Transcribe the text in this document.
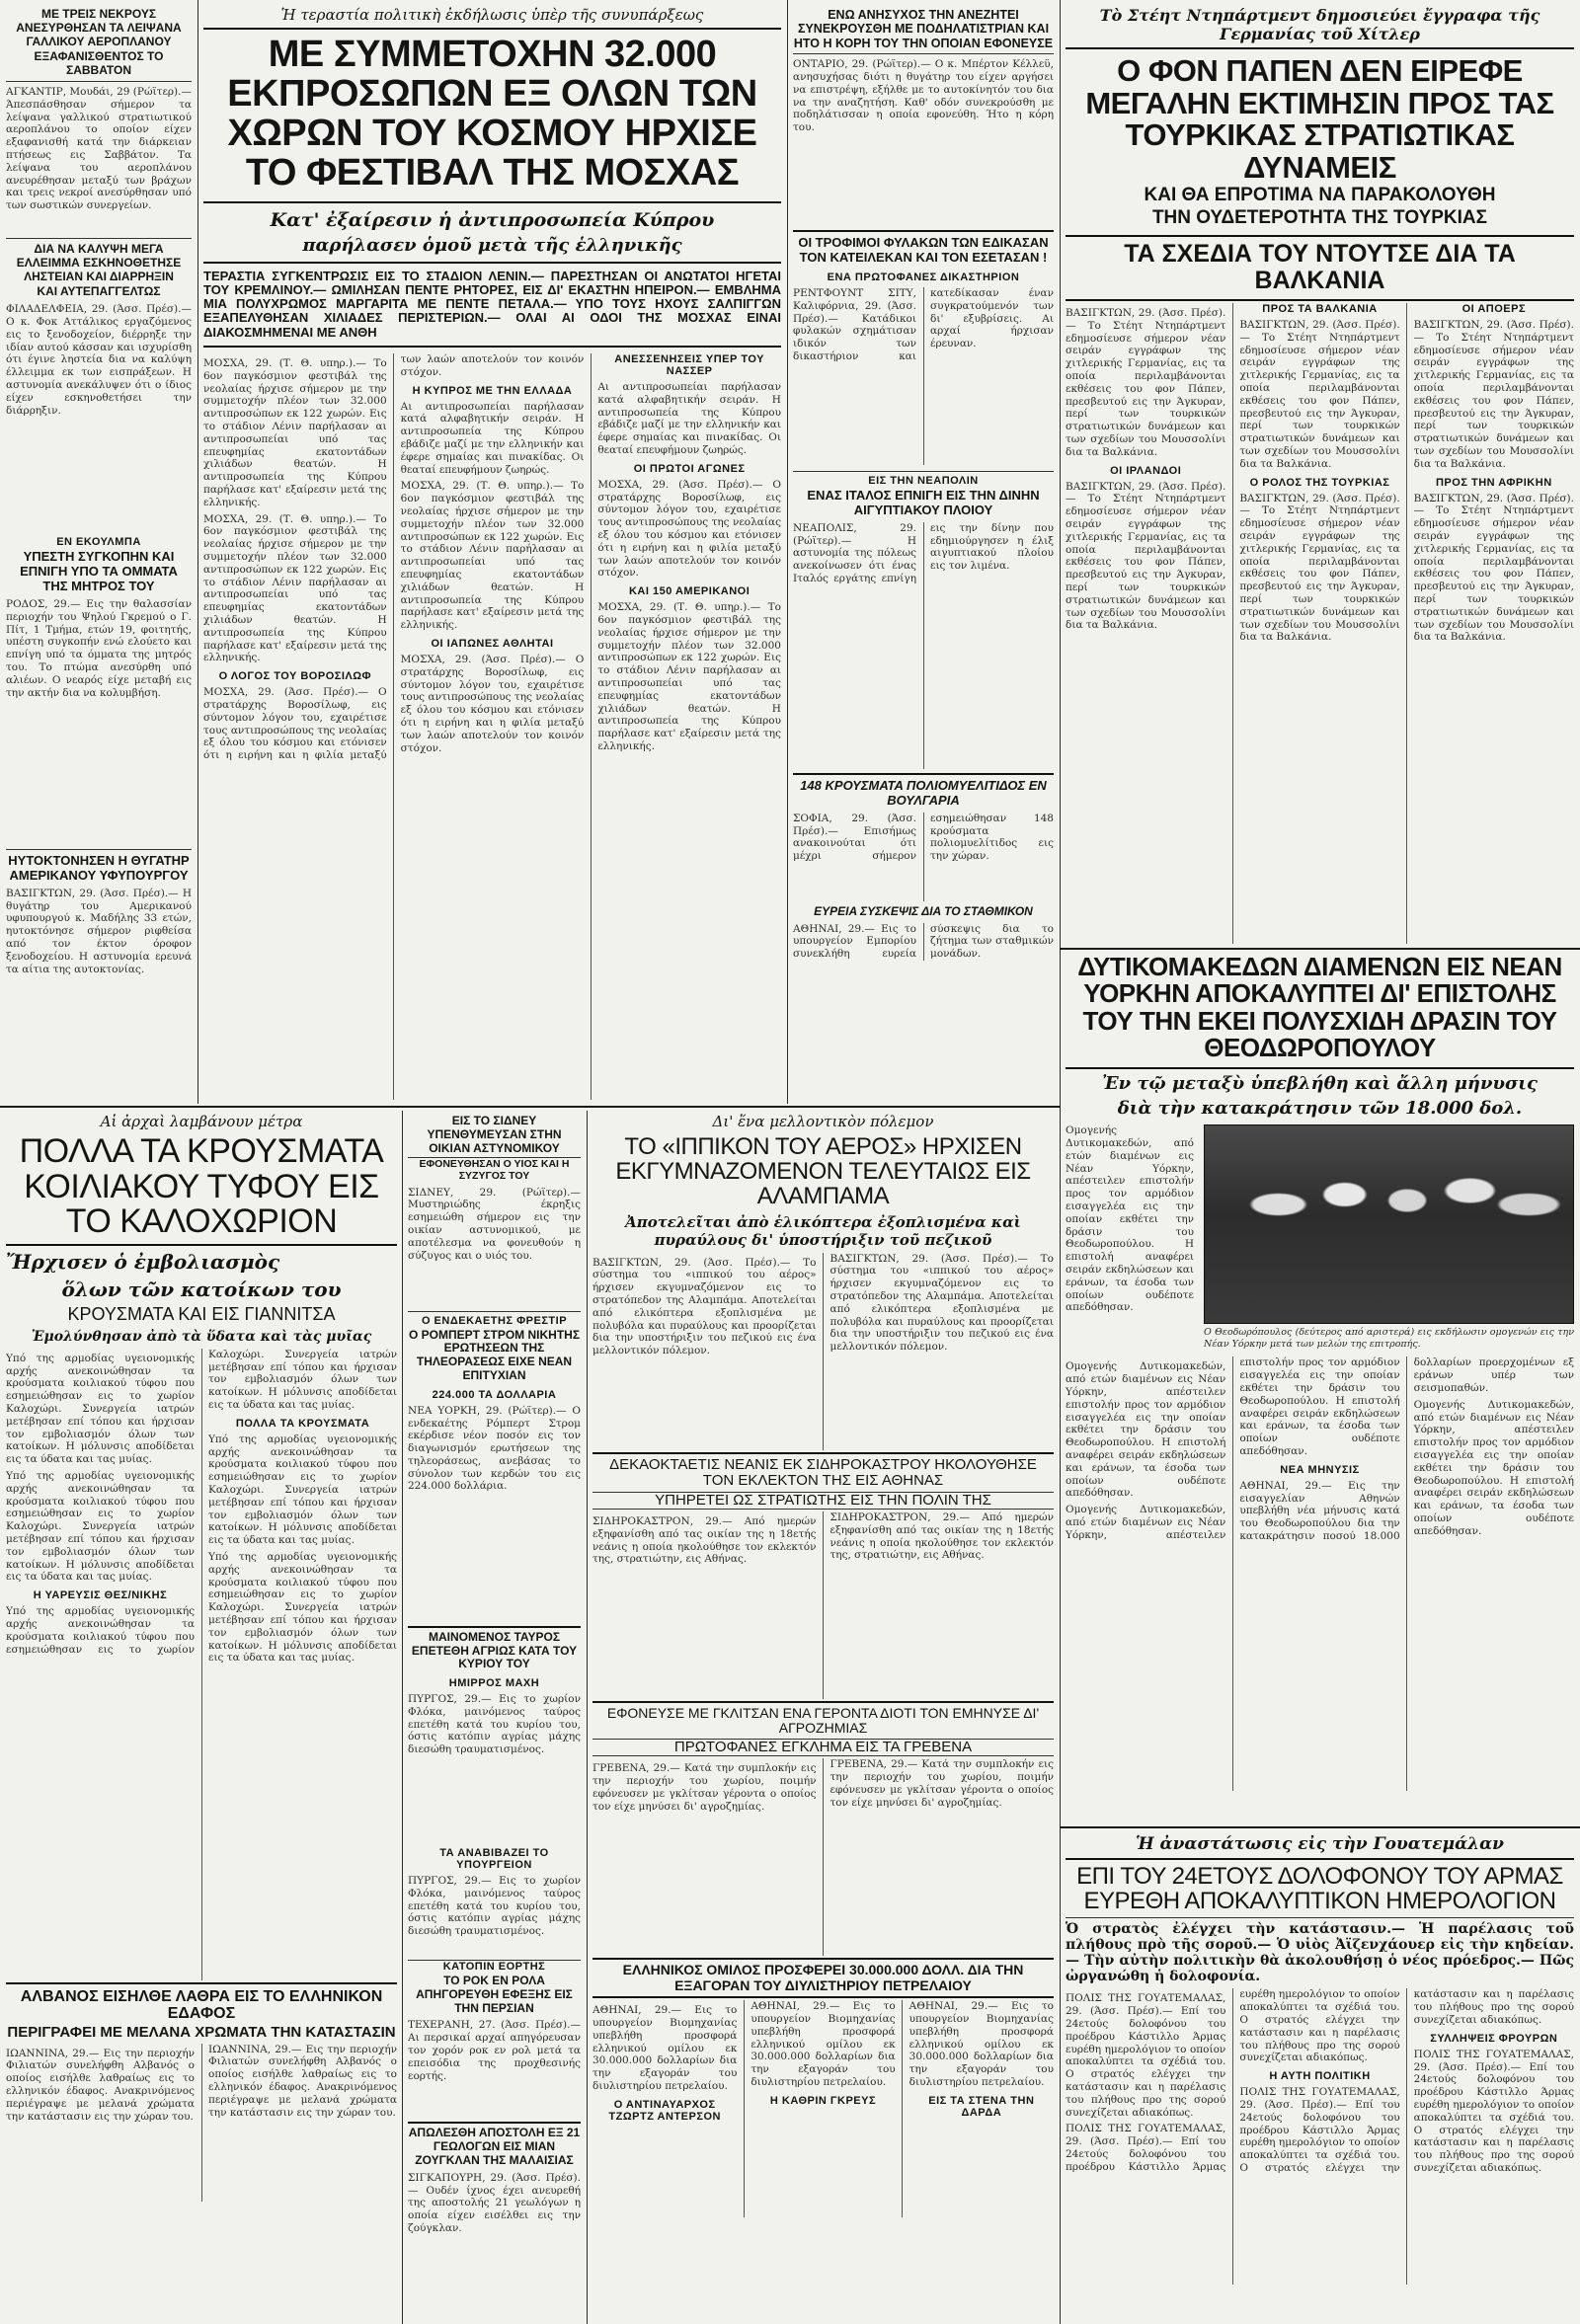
ΜΕ ΤΡΕΙΣ ΝΕΚΡΟΥΣ ΑΝΕΣΥΡΘΗΣΑΝ ΤΑ ΛΕΙΨΑΝΑ ΓΑΛΛΙΚΟΥ ΑΕΡΟΠΛΑΝΟΥ
ΕΞΑΦΑΝΙΣΘΕΝΤΟΣ ΤΟ ΣΑΒΒΑΤΟΝ

ΑΓΚΑΝΤΙΡ, Μουδάι, 29 (Ρώϊτερ).— Άπεσπάσθησαν σήμερον τα λείψανα γαλλικού στρατιωτικού αεροπλάνου το οποίον είχεν εξαφανισθή κατά την διάρκειαν πτήσεως εις Σαββάτον. Τα λείψανα του αεροπλάνου ανευρέθησαν μεταξύ των βράχων και τρεις νεκροί ανεσύρθησαν υπό των σωστικών συνεργείων.

ΔΙΑ ΝΑ ΚΑΛΥΨΗ ΜΕΓΑ ΕΛΛΕΙΜΜΑ ΕΣΚΗΝΟΘΕΤΗΣΕ ΛΗΣΤΕΙΑΝ ΚΑΙ ΔΙΑΡΡΗΞΙΝ
ΚΑΙ ΑΥΤΕΠΑΓΓΕΛΤΩΣ

ΦΙΛΑΔΕΛΦΕΙΑ, 29. (Άσσ. Πρέσ).— Ο κ. Φοκ Αττάλικος εργαζόμενος εις το ξενοδοχείον, διέρρηξε την ιδίαν αυτού κάσσαν και ισχυρίσθη ότι έγινε ληστεία δια να καλύψη έλλειμμα εκ των εισπράξεων. Η αστυνομία ανεκάλυψεν ότι ο ίδιος είχεν εσκηνοθετήσει την διάρρηξιν.

ΕΝ ΕΚΟΥΛΜΠΑ
ΥΠΕΣΤΗ ΣΥΓΚΟΠΗΝ ΚΑΙ ΕΠΝΙΓΗ ΥΠΟ ΤΑ ΟΜΜΑΤΑ ΤΗΣ ΜΗΤΡΟΣ ΤΟΥ

ΡΟΔΟΣ, 29.— Εις την θαλασσίαν περιοχήν του Ψηλού Γκρεμού ο Γ. Πίτ, 1 Τμήμα, ετών 19, φοιτητής, υπέστη συγκοπήν ενώ ελούετο και επνίγη υπό τα όμματα της μητρός του. Το πτώμα ανεσύρθη υπό αλιέων. Ο νεαρός είχε μεταβή εις την ακτήν δια να κολυμβήση.

ΗΥΤΟΚΤΟΝΗΣΕΝ Η ΘΥΓΑΤΗΡ ΑΜΕΡΙΚΑΝΟΥ ΥΦΥΠΟΥΡΓΟΥ

ΒΑΣΙΓΚΤΩΝ, 29. (Άσσ. Πρέσ).— Η θυγάτηρ του Αμερικανού υφυπουργού κ. Μαδήλης 33 ετών, ηυτοκτόνησε σήμερον ριφθείσα από τον έκτον όροφον ξενοδοχείου. Η αστυνομία ερευνά τα αίτια της αυτοκτονίας.

Ἡ τεραστία πολιτικὴ ἐκδήλωσις ὑπὲρ τῆς συνυπάρξεως
ΜΕ ΣΥΜΜΕΤΟΧΗΝ 32.000 ΕΚΠΡΟΣΩΠΩΝ ΕΞ ΟΛΩΝ ΤΩΝ ΧΩΡΩΝ ΤΟΥ ΚΟΣΜΟΥ ΗΡΧΙΣΕ ΤΟ ΦΕΣΤΙΒΑΛ ΤΗΣ ΜΟΣΧΑΣ
Κατ' ἐξαίρεσιν ἡ ἀντιπροσωπεία Κύπρου
παρήλασεν ὁμοῦ μετὰ τῆς ἑλληνικῆς
ΤΕΡΑΣΤΙΑ ΣΥΓΚΕΝΤΡΩΣΙΣ ΕΙΣ ΤΟ ΣΤΑΔΙΟΝ ΛΕΝΙΝ.— ΠΑΡΕΣΤΗΣΑΝ ΟΙ ΑΝΩΤΑΤΟΙ ΗΓΕΤΑΙ ΤΟΥ ΚΡΕΜΛΙΝΟΥ.— ΩΜΙΛΗΣΑΝ ΠΕΝΤΕ ΡΗΤΟΡΕΣ, ΕΙΣ ΔΙ' ΕΚΑΣΤΗΝ ΗΠΕΙΡΟΝ.— ΕΜΒΛΗΜΑ ΜΙΑ ΠΟΛΥΧΡΩΜΟΣ ΜΑΡΓΑΡΙΤΑ ΜΕ ΠΕΝΤΕ ΠΕΤΑΛΑ.— ΥΠΟ ΤΟΥΣ ΗΧΟΥΣ ΣΑΛΠΙΓΓΩΝ ΕΞΑΠΕΛΥΘΗΣΑΝ ΧΙΛΙΑΔΕΣ ΠΕΡΙΣΤΕΡΙΩΝ.— ΟΛΑΙ ΑΙ ΟΔΟΙ ΤΗΣ ΜΟΣΧΑΣ ΕΙΝΑΙ ΔΙΑΚΟΣΜΗΜΕΝΑΙ ΜΕ ΑΝΘΗ

ΜΟΣΧΑ, 29. (Τ. Θ. υπηρ.).— Το 6ον παγκόσμιον φεστιβάλ της νεολαίας ήρχισε σήμερον με την συμμετοχήν πλέον των 32.000 αντιπροσώπων εκ 122 χωρών. Εις το στάδιον Λένιν παρήλασαν αι αντιπροσωπείαι υπό τας επευφημίας εκατοντάδων χιλιάδων θεατών. Η αντιπροσωπεία της Κύπρου παρήλασε κατ' εξαίρεσιν μετά της ελληνικής.

ΜΟΣΧΑ, 29. (Τ. Θ. υπηρ.).— Το 6ον παγκόσμιον φεστιβάλ της νεολαίας ήρχισε σήμερον με την συμμετοχήν πλέον των 32.000 αντιπροσώπων εκ 122 χωρών. Εις το στάδιον Λένιν παρήλασαν αι αντιπροσωπείαι υπό τας επευφημίας εκατοντάδων χιλιάδων θεατών. Η αντιπροσωπεία της Κύπρου παρήλασε κατ' εξαίρεσιν μετά της ελληνικής.

Ο ΛΟΓΟΣ ΤΟΥ ΒΟΡΟΣΙΛΩΦ

ΜΟΣΧΑ, 29. (Άσσ. Πρέσ).— Ο στρατάρχης Βοροσίλωφ, εις σύντομον λόγον του, εχαιρέτισε τους αντιπροσώπους της νεολαίας εξ όλου του κόσμου και ετόνισεν ότι η ειρήνη και η φιλία μεταξύ των λαών αποτελούν τον κοινόν στόχον.

Η ΚΥΠΡΟΣ ΜΕ ΤΗΝ ΕΛΛΑΔΑ

Αι αντιπροσωπείαι παρήλασαν κατά αλφαβητικήν σειράν. Η αντιπροσωπεία της Κύπρου εβάδιζε μαζί με την ελληνικήν και έφερε σημαίας και πινακίδας. Οι θεαταί επευφήμουν ζωηρώς.

ΜΟΣΧΑ, 29. (Τ. Θ. υπηρ.).— Το 6ον παγκόσμιον φεστιβάλ της νεολαίας ήρχισε σήμερον με την συμμετοχήν πλέον των 32.000 αντιπροσώπων εκ 122 χωρών. Εις το στάδιον Λένιν παρήλασαν αι αντιπροσωπείαι υπό τας επευφημίας εκατοντάδων χιλιάδων θεατών. Η αντιπροσωπεία της Κύπρου παρήλασε κατ' εξαίρεσιν μετά της ελληνικής.

ΟΙ ΙΑΠΩΝΕΣ ΑΘΛΗΤΑΙ

ΜΟΣΧΑ, 29. (Άσσ. Πρέσ).— Ο στρατάρχης Βοροσίλωφ, εις σύντομον λόγον του, εχαιρέτισε τους αντιπροσώπους της νεολαίας εξ όλου του κόσμου και ετόνισεν ότι η ειρήνη και η φιλία μεταξύ των λαών αποτελούν τον κοινόν στόχον.

ΑΝΕΣΣΕΝΗΣΕΙΣ ΥΠΕΡ ΤΟΥ ΝΑΣΣΕΡ

Αι αντιπροσωπείαι παρήλασαν κατά αλφαβητικήν σειράν. Η αντιπροσωπεία της Κύπρου εβάδιζε μαζί με την ελληνικήν και έφερε σημαίας και πινακίδας. Οι θεαταί επευφήμουν ζωηρώς.

ΟΙ ΠΡΩΤΟΙ ΑΓΩΝΕΣ

ΜΟΣΧΑ, 29. (Άσσ. Πρέσ).— Ο στρατάρχης Βοροσίλωφ, εις σύντομον λόγον του, εχαιρέτισε τους αντιπροσώπους της νεολαίας εξ όλου του κόσμου και ετόνισεν ότι η ειρήνη και η φιλία μεταξύ των λαών αποτελούν τον κοινόν στόχον.

ΚΑΙ 150 ΑΜΕΡΙΚΑΝΟΙ

ΜΟΣΧΑ, 29. (Τ. Θ. υπηρ.).— Το 6ον παγκόσμιον φεστιβάλ της νεολαίας ήρχισε σήμερον με την συμμετοχήν πλέον των 32.000 αντιπροσώπων εκ 122 χωρών. Εις το στάδιον Λένιν παρήλασαν αι αντιπροσωπείαι υπό τας επευφημίας εκατοντάδων χιλιάδων θεατών. Η αντιπροσωπεία της Κύπρου παρήλασε κατ' εξαίρεσιν μετά της ελληνικής.

ΕΝΩ ΑΝΗΣΥΧΟΣ ΤΗΝ ΑΝΕΖΗΤΕΙ ΣΥΝΕΚΡΟΥΣΘΗ ΜΕ ΠΟΔΗΛΑΤΙΣΤΡΙΑΝ ΚΑΙ ΗΤΟ Η ΚΟΡΗ ΤΟΥ ΤΗΝ ΟΠΟΙΑΝ ΕΦΟΝΕΥΣΕ

ΟΝΤΑΡΙΟ, 29. (Ρώϊτερ).— Ο κ. Μπέρτον Κέλλεϋ, ανησυχήσας διότι η θυγάτηρ του είχεν αργήσει να επιστρέψη, εξήλθε με το αυτοκίνητόν του δια να την αναζητήση. Καθ' οδόν συνεκρούσθη με ποδηλάτισσαν η οποία εφονεύθη. Ήτο η κόρη του.

ΟΙ ΤΡΟΦΙΜΟΙ ΦΥΛΑΚΩΝ ΤΩΝ ΕΔΙΚΑΣΑΝ ΤΟΝ ΚΑΤΕΙΛΕΚΑΝ ΚΑΙ ΤΟΝ ΕΣΕΤΑΣΑΝ !
ΕΝΑ ΠΡΩΤΟΦΑΝΕΣ ΔΙΚΑΣΤΗΡΙΟΝ

ΡΕΝΤΦΟΥΝΤ ΣΙΤΥ, Καλιφόρνια, 29. (Άσσ. Πρέσ).— Κατάδικοι φυλακών σχημάτισαν ιδικόν των δικαστήριον και κατεδίκασαν έναν συγκρατούμενόν των δι' εξυβρίσεις. Αι αρχαί ήρχισαν έρευναν.

ΕΙΣ ΤΗΝ ΝΕΑΠΟΛΙΝ
ΕΝΑΣ ΙΤΑΛΟΣ ΕΠΝΙΓΗ ΕΙΣ ΤΗΝ ΔΙΝΗΝ ΑΙΓΥΠΤΙΑΚΟΥ ΠΛΟΙΟΥ

ΝΕΑΠΟΛΙΣ, 29. (Ρώϊτερ).— Η αστυνομία της πόλεως ανεκοίνωσεν ότι ένας Ιταλός εργάτης επνίγη εις την δίνην που εδημιούργησεν η έλιξ αιγυπτιακού πλοίου εις τον λιμένα.

148 ΚΡΟΥΣΜΑΤΑ ΠΟΛΙΟΜΥΕΛΙΤΙΔΟΣ ΕΝ ΒΟΥΛΓΑΡΙΑ

ΣΟΦΙΑ, 29. (Άσσ. Πρέσ).— Επισήμως ανακοινούται ότι μέχρι σήμερον εσημειώθησαν 148 κρούσματα πολιομυελίτιδος εις την χώραν.

ΕΥΡΕΙΑ ΣΥΣΚΕΨΙΣ ΔΙΑ ΤΟ ΣΤΑΘΜΙΚΟΝ

ΑΘΗΝΑΙ, 29.— Εις το υπουργείον Εμπορίου συνεκλήθη ευρεία σύσκεψις δια το ζήτημα των σταθμικών μονάδων.

Τὸ Στέητ Ντηπάρτμεντ δημοσιεύει ἔγγραφα τῆς Γερμανίας τοῦ Χίτλερ
Ο ΦΟΝ ΠΑΠΕΝ ΔΕΝ ΕΙΡΕΦΕ ΜΕΓΑΛΗΝ ΕΚΤΙΜΗΣΙΝ ΠΡΟΣ ΤΑΣ ΤΟΥΡΚΙΚΑΣ ΣΤΡΑΤΙΩΤΙΚΑΣ ΔΥΝΑΜΕΙΣ
ΚΑΙ ΘΑ ΕΠΡΟΤΙΜΑ ΝΑ ΠΑΡΑΚΟΛΟΥΘΗ
ΤΗΝ ΟΥΔΕΤΕΡΟΤΗΤΑ ΤΗΣ ΤΟΥΡΚΙΑΣ
ΤΑ ΣΧΕΔΙΑ ΤΟΥ ΝΤΟΥΤΣΕ ΔΙΑ ΤΑ ΒΑΛΚΑΝΙΑ

ΒΑΣΙΓΚΤΩΝ, 29. (Άσσ. Πρέσ).— Το Στέητ Ντηπάρτμεντ εδημοσίευσε σήμερον νέαν σειράν εγγράφων της χιτλερικής Γερμανίας, εις τα οποία περιλαμβάνονται εκθέσεις του φον Πάπεν, πρεσβευτού εις την Άγκυραν, περί των τουρκικών στρατιωτικών δυνάμεων και των σχεδίων του Μουσσολίνι δια τα Βαλκάνια.

ΟΙ ΙΡΛΑΝΔΟΙ

ΒΑΣΙΓΚΤΩΝ, 29. (Άσσ. Πρέσ).— Το Στέητ Ντηπάρτμεντ εδημοσίευσε σήμερον νέαν σειράν εγγράφων της χιτλερικής Γερμανίας, εις τα οποία περιλαμβάνονται εκθέσεις του φον Πάπεν, πρεσβευτού εις την Άγκυραν, περί των τουρκικών στρατιωτικών δυνάμεων και των σχεδίων του Μουσσολίνι δια τα Βαλκάνια.

ΠΡΟΣ ΤΑ ΒΑΛΚΑΝΙΑ

ΒΑΣΙΓΚΤΩΝ, 29. (Άσσ. Πρέσ).— Το Στέητ Ντηπάρτμεντ εδημοσίευσε σήμερον νέαν σειράν εγγράφων της χιτλερικής Γερμανίας, εις τα οποία περιλαμβάνονται εκθέσεις του φον Πάπεν, πρεσβευτού εις την Άγκυραν, περί των τουρκικών στρατιωτικών δυνάμεων και των σχεδίων του Μουσσολίνι δια τα Βαλκάνια.

Ο ΡΟΛΟΣ ΤΗΣ ΤΟΥΡΚΙΑΣ

ΒΑΣΙΓΚΤΩΝ, 29. (Άσσ. Πρέσ).— Το Στέητ Ντηπάρτμεντ εδημοσίευσε σήμερον νέαν σειράν εγγράφων της χιτλερικής Γερμανίας, εις τα οποία περιλαμβάνονται εκθέσεις του φον Πάπεν, πρεσβευτού εις την Άγκυραν, περί των τουρκικών στρατιωτικών δυνάμεων και των σχεδίων του Μουσσολίνι δια τα Βαλκάνια.

ΟΙ ΑΠΟΕΡΣ

ΒΑΣΙΓΚΤΩΝ, 29. (Άσσ. Πρέσ).— Το Στέητ Ντηπάρτμεντ εδημοσίευσε σήμερον νέαν σειράν εγγράφων της χιτλερικής Γερμανίας, εις τα οποία περιλαμβάνονται εκθέσεις του φον Πάπεν, πρεσβευτού εις την Άγκυραν, περί των τουρκικών στρατιωτικών δυνάμεων και των σχεδίων του Μουσσολίνι δια τα Βαλκάνια.

ΠΡΟΣ ΤΗΝ ΑΦΡΙΚΗΝ

ΒΑΣΙΓΚΤΩΝ, 29. (Άσσ. Πρέσ).— Το Στέητ Ντηπάρτμεντ εδημοσίευσε σήμερον νέαν σειράν εγγράφων της χιτλερικής Γερμανίας, εις τα οποία περιλαμβάνονται εκθέσεις του φον Πάπεν, πρεσβευτού εις την Άγκυραν, περί των τουρκικών στρατιωτικών δυνάμεων και των σχεδίων του Μουσσολίνι δια τα Βαλκάνια.

ΔΥΤΙΚΟΜΑΚΕΔΩΝ ΔΙΑΜΕΝΩΝ ΕΙΣ ΝΕΑΝ ΥΟΡΚΗΝ ΑΠΟΚΑΛΥΠΤΕΙ ΔΙ' ΕΠΙΣΤΟΛΗΣ ΤΟΥ ΤΗΝ ΕΚΕΙ ΠΟΛΥΣΧΙΔΗ ΔΡΑΣΙΝ ΤΟΥ ΘΕΟΔΩΡΟΠΟΥΛΟΥ
Ἐν τῷ μεταξὺ ὑπεβλήθη καὶ ἄλλη μήνυσις
διὰ τὴν κατακράτησιν τῶν 18.000 δολ.

Ομογενής Δυτικομακεδών, από ετών διαμένων εις Νέαν Υόρκην, απέστειλεν επιστολήν προς τον αρμόδιον εισαγγελέα εις την οποίαν εκθέτει την δράσιν του Θεοδωροπούλου. Η επιστολή αναφέρει σειράν εκδηλώσεων και εράνων, τα έσοδα των οποίων ουδέποτε απεδόθησαν.

Ο Θεοδωρόπουλος (δεύτερος από αριστερά) εις εκδήλωσιν ομογενών εις την Νέαν Υόρκην μετά των μελών της επιτροπής.

Ομογενής Δυτικομακεδών, από ετών διαμένων εις Νέαν Υόρκην, απέστειλεν επιστολήν προς τον αρμόδιον εισαγγελέα εις την οποίαν εκθέτει την δράσιν του Θεοδωροπούλου. Η επιστολή αναφέρει σειράν εκδηλώσεων και εράνων, τα έσοδα των οποίων ουδέποτε απεδόθησαν.

Ομογενής Δυτικομακεδών, από ετών διαμένων εις Νέαν Υόρκην, απέστειλεν επιστολήν προς τον αρμόδιον εισαγγελέα εις την οποίαν εκθέτει την δράσιν του Θεοδωροπούλου. Η επιστολή αναφέρει σειράν εκδηλώσεων και εράνων, τα έσοδα των οποίων ουδέποτε απεδόθησαν.

ΝΕΑ ΜΗΝΥΣΙΣ

ΑΘΗΝΑΙ, 29.— Εις την εισαγγελίαν Αθηνών υπεβλήθη νέα μήνυσις κατά του Θεοδωροπούλου δια την κατακράτησιν ποσού 18.000 δολλαρίων προερχομένων εξ εράνων υπέρ των σεισμοπαθών.

Ομογενής Δυτικομακεδών, από ετών διαμένων εις Νέαν Υόρκην, απέστειλεν επιστολήν προς τον αρμόδιον εισαγγελέα εις την οποίαν εκθέτει την δράσιν του Θεοδωροπούλου. Η επιστολή αναφέρει σειράν εκδηλώσεων και εράνων, τα έσοδα των οποίων ουδέποτε απεδόθησαν.

Αἱ ἀρχαὶ λαμβάνουν μέτρα
ΠΟΛΛΑ ΤΑ ΚΡΟΥΣΜΑΤΑ ΚΟΙΛΙΑΚΟΥ ΤΥΦΟΥ ΕΙΣ ΤΟ ΚΑΛΟΧΩΡΙΟΝ
Ἤρχισεν ὁ ἐμβολιασμὸς
ὅλων τῶν κατοίκων του
ΚΡΟΥΣΜΑΤΑ ΚΑΙ ΕΙΣ ΓΙΑΝΝΙΤΣΑ
Ἐμολύνθησαν ἀπὸ τὰ ὕδατα καὶ τὰς μυῖας

Υπό της αρμοδίας υγειονομικής αρχής ανεκοινώθησαν τα κρούσματα κοιλιακού τύφου που εσημειώθησαν εις το χωρίον Καλοχώρι. Συνεργεία ιατρών μετέβησαν επί τόπου και ήρχισαν τον εμβολιασμόν όλων των κατοίκων. Η μόλυνσις αποδίδεται εις τα ύδατα και τας μυίας.

Υπό της αρμοδίας υγειονομικής αρχής ανεκοινώθησαν τα κρούσματα κοιλιακού τύφου που εσημειώθησαν εις το χωρίον Καλοχώρι. Συνεργεία ιατρών μετέβησαν επί τόπου και ήρχισαν τον εμβολιασμόν όλων των κατοίκων. Η μόλυνσις αποδίδεται εις τα ύδατα και τας μυίας.

Η ΥΑΡΕΥΣΙΣ ΘΕΣ/ΝΙΚΗΣ

Υπό της αρμοδίας υγειονομικής αρχής ανεκοινώθησαν τα κρούσματα κοιλιακού τύφου που εσημειώθησαν εις το χωρίον Καλοχώρι. Συνεργεία ιατρών μετέβησαν επί τόπου και ήρχισαν τον εμβολιασμόν όλων των κατοίκων. Η μόλυνσις αποδίδεται εις τα ύδατα και τας μυίας.

ΠΟΛΛΑ ΤΑ ΚΡΟΥΣΜΑΤΑ

Υπό της αρμοδίας υγειονομικής αρχής ανεκοινώθησαν τα κρούσματα κοιλιακού τύφου που εσημειώθησαν εις το χωρίον Καλοχώρι. Συνεργεία ιατρών μετέβησαν επί τόπου και ήρχισαν τον εμβολιασμόν όλων των κατοίκων. Η μόλυνσις αποδίδεται εις τα ύδατα και τας μυίας.

Υπό της αρμοδίας υγειονομικής αρχής ανεκοινώθησαν τα κρούσματα κοιλιακού τύφου που εσημειώθησαν εις το χωρίον Καλοχώρι. Συνεργεία ιατρών μετέβησαν επί τόπου και ήρχισαν τον εμβολιασμόν όλων των κατοίκων. Η μόλυνσις αποδίδεται εις τα ύδατα και τας μυίας.

ΑΛΒΑΝΟΣ ΕΙΣΗΛΘΕ ΛΑΘΡΑ ΕΙΣ ΤΟ ΕΛΛΗΝΙΚΟΝ ΕΔΑΦΟΣ
ΠΕΡΙΓΡΑΦΕΙ ΜΕ ΜΕΛΑΝΑ ΧΡΩΜΑΤΑ ΤΗΝ ΚΑΤΑΣΤΑΣΙΝ

ΙΩΑΝΝΙΝΑ, 29.— Εις την περιοχήν Φιλιατών συνελήφθη Αλβανός ο οποίος εισήλθε λαθραίως εις το ελληνικόν έδαφος. Ανακρινόμενος περιέγραψε με μελανά χρώματα την κατάστασιν εις την χώραν του.

ΙΩΑΝΝΙΝΑ, 29.— Εις την περιοχήν Φιλιατών συνελήφθη Αλβανός ο οποίος εισήλθε λαθραίως εις το ελληνικόν έδαφος. Ανακρινόμενος περιέγραψε με μελανά χρώματα την κατάστασιν εις την χώραν του.

ΕΙΣ ΤΟ ΣΙΔΝΕΥ ΥΠΕΝΘΥΜΕΥΣΑΝ ΣΤΗΝ ΟΙΚΙΑΝ ΑΣΤΥΝΟΜΙΚΟΥ
ΕΦΟΝΕΥΘΗΣΑΝ Ο ΥΙΟΣ ΚΑΙ Η ΣΥΖΥΓΟΣ ΤΟΥ

ΣΙΔΝΕΥ, 29. (Ρώϊτερ).— Μυστηριώδης έκρηξις εσημειώθη σήμερον εις την οικίαν αστυνομικού, με αποτέλεσμα να φονευθούν η σύζυγος και ο υιός του.

Ο ΕΝΔΕΚΑΕΤΗΣ ΦΡΕΣΤΙΡ
Ο ΡΟΜΠΕΡΤ ΣΤΡΟΜ ΝΙΚΗΤΗΣ ΕΡΩΤΗΣΕΩΝ ΤΗΣ ΤΗΛΕΟΡΑΣΕΩΣ ΕΙΧΕ ΝΕΑΝ ΕΠΙΤΥΧΙΑΝ
224.000 ΤΑ ΔΟΛΛΑΡΙΑ

ΝΕΑ ΥΟΡΚΗ, 29. (Ρώϊτερ).— Ο ενδεκαέτης Ρόμπερτ Στρομ εκέρδισε νέον ποσόν εις τον διαγωνισμόν ερωτήσεων της τηλεοράσεως, ανεβάσας το σύνολον των κερδών του εις 224.000 δολλάρια.

ΜΑΙΝΟΜΕΝΟΣ ΤΑΥΡΟΣ ΕΠΕΤΕΘΗ ΑΓΡΙΩΣ ΚΑΤΑ ΤΟΥ ΚΥΡΙΟΥ ΤΟΥ
ΗΜΙΡΡΟΣ ΜΑΧΗ

ΠΥΡΓΟΣ, 29.— Εις το χωρίον Φλόκα, μαινόμενος ταύρος επετέθη κατά του κυρίου του, όστις κατόπιν αγρίας μάχης διεσώθη τραυματισμένος.

ΤΑ ΑΝΑΒΙΒΑΖΕΙ ΤΟ ΥΠΟΥΡΓΕΙΟΝ

ΠΥΡΓΟΣ, 29.— Εις το χωρίον Φλόκα, μαινόμενος ταύρος επετέθη κατά του κυρίου του, όστις κατόπιν αγρίας μάχης διεσώθη τραυματισμένος.

ΚΑΤΟΠΙΝ ΕΟΡΤΗΣ
ΤΟ ΡΟΚ ΕΝ ΡΟΛΑ ΑΠΗΓΟΡΕΥΘΗ ΕΦΕΞΗΣ ΕΙΣ ΤΗΝ ΠΕΡΣΙΑΝ

ΤΕΧΕΡΑΝΗ, 27. (Άσσ. Πρέσ).— Αι περσικαί αρχαί απηγόρευσαν τον χορόν ροκ εν ρολ μετά τα επεισόδια της προχθεσινής εορτής.

ΑΠΩΛΕΣΘΗ ΑΠΟΣΤΟΛΗ ΕΞ 21 ΓΕΩΛΟΓΩΝ ΕΙΣ ΜΙΑΝ ΖΟΥΓΚΛΑΝ ΤΗΣ ΜΑΛΑΙΣΙΑΣ

ΣΙΓΚΑΠΟΥΡΗ, 29. (Άσσ. Πρέσ).— Ουδέν ίχνος έχει ανευρεθή της αποστολής 21 γεωλόγων η οποία είχεν εισέλθει εις την ζούγκλαν.

Δι' ἕνα μελλοντικὸν πόλεμον
ΤΟ «ΙΠΠΙΚΟΝ ΤΟΥ ΑΕΡΟΣ» ΗΡΧΙΣΕΝ ΕΚΓΥΜΝΑΖΟΜΕΝΟΝ ΤΕΛΕΥΤΑΙΩΣ ΕΙΣ ΑΛΑΜΠΑΜΑ
Ἀποτελεῖται ἀπὸ ἑλικόπτερα ἐξοπλισμένα καὶ πυραύλους δι' ὑποστήριξιν τοῦ πεζικοῦ

ΒΑΣΙΓΚΤΩΝ, 29. (Άσσ. Πρέσ).— Το σύστημα του «ιππικού του αέρος» ήρχισεν εκγυμναζόμενον εις το στρατόπεδον της Αλαμπάμα. Αποτελείται από ελικόπτερα εξοπλισμένα με πολυβόλα και πυραύλους και προορίζεται δια την υποστήριξιν του πεζικού εις ένα μελλοντικόν πόλεμον.

ΒΑΣΙΓΚΤΩΝ, 29. (Άσσ. Πρέσ).— Το σύστημα του «ιππικού του αέρος» ήρχισεν εκγυμναζόμενον εις το στρατόπεδον της Αλαμπάμα. Αποτελείται από ελικόπτερα εξοπλισμένα με πολυβόλα και πυραύλους και προορίζεται δια την υποστήριξιν του πεζικού εις ένα μελλοντικόν πόλεμον.

ΔΕΚΑΟΚΤΑΕΤΙΣ ΝΕΑΝΙΣ ΕΚ ΣΙΔΗΡΟΚΑΣΤΡΟΥ ΗΚΟΛΟΥΘΗΣΕ ΤΟΝ ΕΚΛΕΚΤΟΝ ΤΗΣ ΕΙΣ ΑΘΗΝΑΣ
ΥΠΗΡΕΤΕΙ ΩΣ ΣΤΡΑΤΙΩΤΗΣ ΕΙΣ ΤΗΝ ΠΟΛΙΝ ΤΗΣ

ΣΙΔΗΡΟΚΑΣΤΡΟΝ, 29.— Από ημερών εξηφανίσθη από τας οικίαν της η 18ετής νεάνις η οποία ηκολούθησε τον εκλεκτόν της, στρατιώτην, εις Αθήνας.

ΣΙΔΗΡΟΚΑΣΤΡΟΝ, 29.— Από ημερών εξηφανίσθη από τας οικίαν της η 18ετής νεάνις η οποία ηκολούθησε τον εκλεκτόν της, στρατιώτην, εις Αθήνας.

ΕΦΟΝΕΥΣΕ ΜΕ ΓΚΛΙΤΣΑΝ ΕΝΑ ΓΕΡΟΝΤΑ ΔΙΟΤΙ ΤΟΝ ΕΜΗΝΥΣΕ ΔΙ' ΑΓΡΟΖΗΜΙΑΣ
ΠΡΩΤΟΦΑΝΕΣ ΕΓΚΛΗΜΑ ΕΙΣ ΤΑ ΓΡΕΒΕΝΑ

ΓΡΕΒΕΝΑ, 29.— Κατά την συμπλοκήν εις την περιοχήν του χωρίου, ποιμήν εφόνευσεν με γκλίτσαν γέροντα ο οποίος τον είχε μηνύσει δι' αγροζημίας.

ΓΡΕΒΕΝΑ, 29.— Κατά την συμπλοκήν εις την περιοχήν του χωρίου, ποιμήν εφόνευσεν με γκλίτσαν γέροντα ο οποίος τον είχε μηνύσει δι' αγροζημίας.

ΕΛΛΗΝΙΚΟΣ ΟΜΙΛΟΣ ΠΡΟΣΦΕΡΕΙ 30.000.000 ΔΟΛΛ. ΔΙΑ ΤΗΝ ΕΞΑΓΟΡΑΝ ΤΟΥ ΔΙΥΛΙΣΤΗΡΙΟΥ ΠΕΤΡΕΛΑΙΟΥ

ΑΘΗΝΑΙ, 29.— Εις το υπουργείον Βιομηχανίας υπεβλήθη προσφορά ελληνικού ομίλου εκ 30.000.000 δολλαρίων δια την εξαγοράν του διυλιστηρίου πετρελαίου.

Ο ΑΝΤΙΝΑΥΑΡΧΟΣ ΤΖΩΡΤΖ ΑΝΤΕΡΣΟΝ

ΑΘΗΝΑΙ, 29.— Εις το υπουργείον Βιομηχανίας υπεβλήθη προσφορά ελληνικού ομίλου εκ 30.000.000 δολλαρίων δια την εξαγοράν του διυλιστηρίου πετρελαίου.

Η ΚΑΘΡΙΝ ΓΚΡΕΥΣ

ΑΘΗΝΑΙ, 29.— Εις το υπουργείον Βιομηχανίας υπεβλήθη προσφορά ελληνικού ομίλου εκ 30.000.000 δολλαρίων δια την εξαγοράν του διυλιστηρίου πετρελαίου.

ΕΙΣ ΤΑ ΣΤΕΝΑ ΤΗΝ ΔΑΡΔΑ
Ἡ ἀναστάτωσις εἰς τὴν Γουατεμάλαν
ΕΠΙ ΤΟΥ 24ΕΤΟΥΣ ΔΟΛΟΦΟΝΟΥ ΤΟΥ ΑΡΜΑΣ ΕΥΡΕΘΗ ΑΠΟΚΑΛΥΠΤΙΚΟΝ ΗΜΕΡΟΛΟΓΙΟΝ
Ὁ στρατὸς ἐλέγχει τὴν κατάστασιν.— Ἡ παρέλασις τοῦ πλήθους πρὸ τῆς σοροῦ.— Ὁ υἱὸς Ἀϊζενχάουερ εἰς τὴν κηδείαν.— Τὴν αὐτὴν πολιτικὴν θὰ ἀκολουθήσῃ ὁ νέος πρόεδρος.— Πῶς ὠργανώθη ἡ δολοφονία.

ΠΟΛΙΣ ΤΗΣ ΓΟΥΑΤΕΜΑΛΑΣ, 29. (Άσσ. Πρέσ).— Επί του 24ετούς δολοφόνου του προέδρου Κάστιλλο Άρμας ευρέθη ημερολόγιον το οποίον αποκαλύπτει τα σχέδιά του. Ο στρατός ελέγχει την κατάστασιν και η παρέλασις του πλήθους προ της σορού συνεχίζεται αδιακόπως.

ΠΟΛΙΣ ΤΗΣ ΓΟΥΑΤΕΜΑΛΑΣ, 29. (Άσσ. Πρέσ).— Επί του 24ετούς δολοφόνου του προέδρου Κάστιλλο Άρμας ευρέθη ημερολόγιον το οποίον αποκαλύπτει τα σχέδιά του. Ο στρατός ελέγχει την κατάστασιν και η παρέλασις του πλήθους προ της σορού συνεχίζεται αδιακόπως.

Η ΑΥΤΗ ΠΟΛΙΤΙΚΗ

ΠΟΛΙΣ ΤΗΣ ΓΟΥΑΤΕΜΑΛΑΣ, 29. (Άσσ. Πρέσ).— Επί του 24ετούς δολοφόνου του προέδρου Κάστιλλο Άρμας ευρέθη ημερολόγιον το οποίον αποκαλύπτει τα σχέδιά του. Ο στρατός ελέγχει την κατάστασιν και η παρέλασις του πλήθους προ της σορού συνεχίζεται αδιακόπως.

ΣΥΛΛΗΨΕΙΣ ΦΡΟΥΡΩΝ

ΠΟΛΙΣ ΤΗΣ ΓΟΥΑΤΕΜΑΛΑΣ, 29. (Άσσ. Πρέσ).— Επί του 24ετούς δολοφόνου του προέδρου Κάστιλλο Άρμας ευρέθη ημερολόγιον το οποίον αποκαλύπτει τα σχέδιά του. Ο στρατός ελέγχει την κατάστασιν και η παρέλασις του πλήθους προ της σορού συνεχίζεται αδιακόπως.
